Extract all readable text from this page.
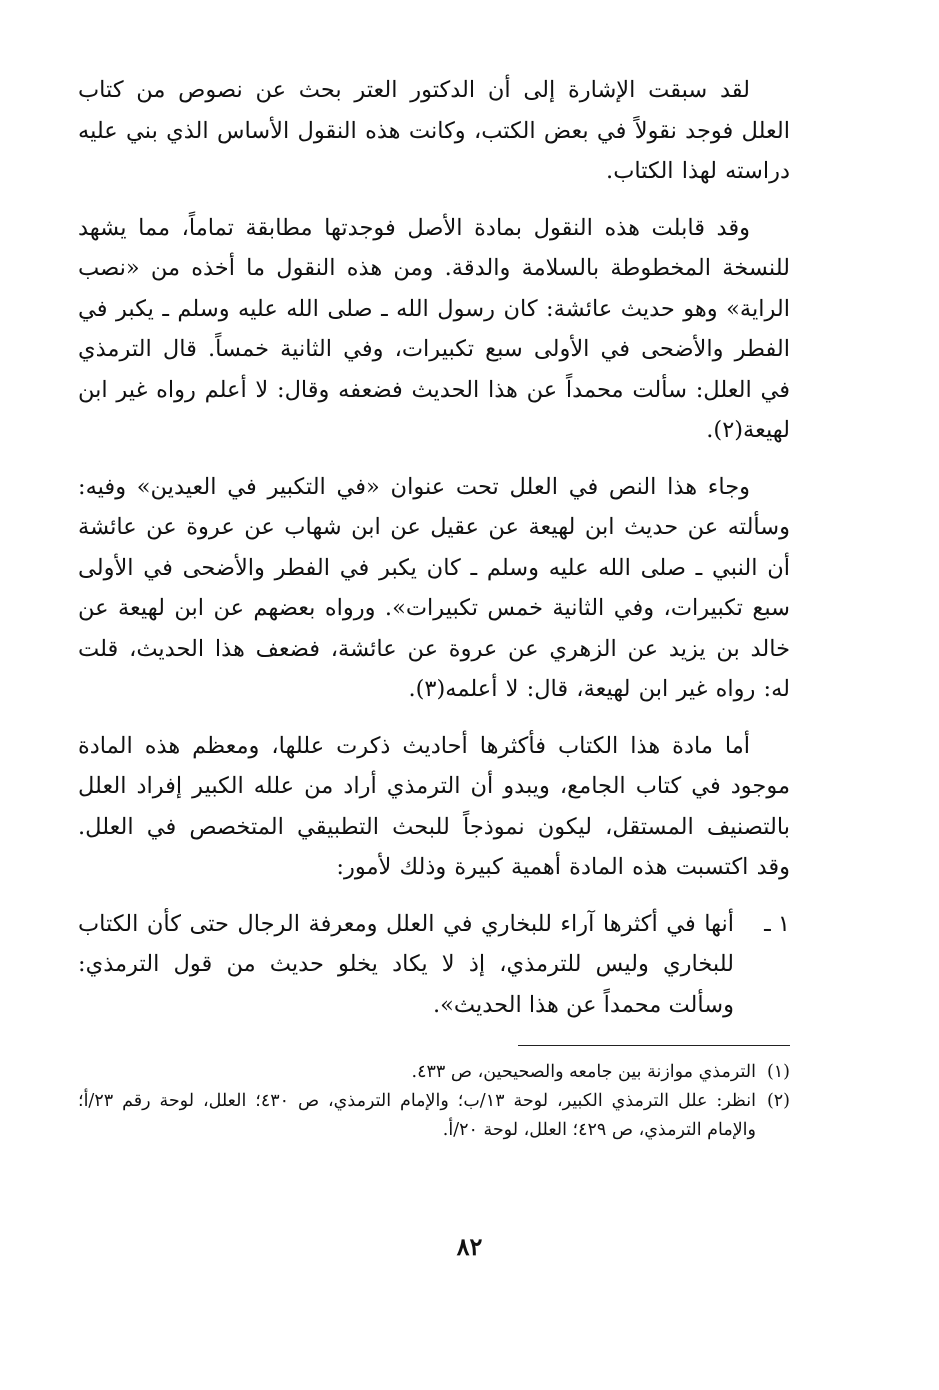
لقد سبقت الإشارة إلى أن الدكتور العتر بحث عن نصوص من كتاب العلل فوجد نقولاً في بعض الكتب، وكانت هذه النقول الأساس الذي بني عليه دراسته لهذا الكتاب.

وقد قابلت هذه النقول بمادة الأصل فوجدتها مطابقة تماماً، مما يشهد للنسخة المخطوطة بالسلامة والدقة. ومن هذه النقول ما أخذه من «نصب الراية» وهو حديث عائشة: كان رسول الله ـ صلى الله عليه وسلم ـ يكبر في الفطر والأضحى في الأولى سبع تكبيرات، وفي الثانية خمساً. قال الترمذي في العلل: سألت محمداً عن هذا الحديث فضعفه وقال: لا أعلم رواه غير ابن لهيعة(٢).

وجاء هذا النص في العلل تحت عنوان «في التكبير في العيدين» وفيه: وسألته عن حديث ابن لهيعة عن عقيل عن ابن شهاب عن عروة عن عائشة أن النبي ـ صلى الله عليه وسلم ـ كان يكبر في الفطر والأضحى في الأولى سبع تكبيرات، وفي الثانية خمس تكبيرات». ورواه بعضهم عن ابن لهيعة عن خالد بن يزيد عن الزهري عن عروة عن عائشة، فضعف هذا الحديث، قلت له: رواه غير ابن لهيعة، قال: لا أعلمه(٣).

أما مادة هذا الكتاب فأكثرها أحاديث ذكرت عللها، ومعظم هذه المادة موجود في كتاب الجامع، ويبدو أن الترمذي أراد من علله الكبير إفراد العلل بالتصنيف المستقل، ليكون نموذجاً للبحث التطبيقي المتخصص في العلل. وقد اكتسبت هذه المادة أهمية كبيرة وذلك لأمور:

١ ـ
أنها في أكثرها آراء للبخاري في العلل ومعرفة الرجال حتى كأن الكتاب للبخاري وليس للترمذي، إذ لا يكاد يخلو حديث من قول الترمذي: وسألت محمداً عن هذا الحديث».
(١)
الترمذي موازنة بين جامعه والصحيحين، ص ٤٣٣.
(٢)
انظر: علل الترمذي الكبير، لوحة ١٣/ب؛ والإمام الترمذي، ص ٤٣٠؛ العلل، لوحة رقم ٢٣/أ؛ والإمام الترمذي، ص ٤٢٩؛ العلل، لوحة ٢٠/أ.
٨٢
